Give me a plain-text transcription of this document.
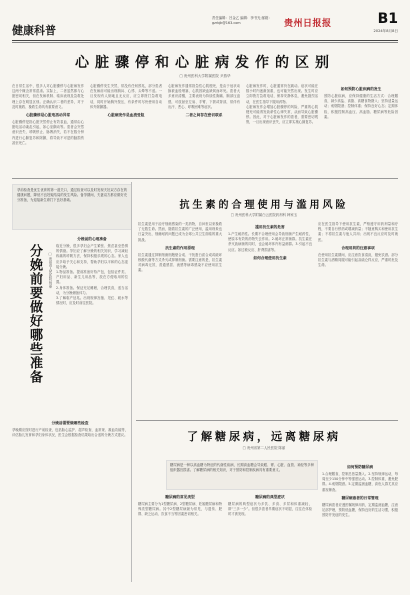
健康科普
责任编辑：吕金乙 编辑：李书光 邮箱：gzrbjk@163.com	贵州日报报	B1
2024年8月8日
心脏骤停和心脏病发作的区别
□ 贵州医科大学附属医院 尹燕华

在日常生活中，很多人对心脏骤停与心脏病发作这两个概念常常混淆。实际上，二者虽然都与心脏密切相关，但在发病机制、临床表现及急救处理上存在明显区别。正确认识二者的差异，对于及时施救、挽救生命具有重要意义。

心脏骤停是心脏电活动异常

心脏骤停是指心脏突然停止有效泵血，通常由心脏电活动紊乱引起，如心室颤动等。患者会突然意识丧失、呼吸停止、脉搏消失，若不在数分钟内进行心肺复苏和除颤，将导致不可逆的脑损伤甚至死亡。

心脏骤停发生突然，常没有任何预兆，部分患者在发病前可能出现胸闷、心悸、头晕等不适。一旦发现有人倒地且无反应，应立即拨打急救电话，同时开始胸外按压，有条件时尽快使用自动体外除颤器。

心脏病发作是血流受阻

心脏病发作通常指急性心肌梗死，是由于冠状动脉被血栓堵塞，心肌因缺血缺氧而坏死。患者大多意识清醒，主要表现为持续性胸痛、胸部压迫感，可放射至左肩、手臂、下颌或背部，常伴有出汗、恶心、呼吸困难等症状。

二者之间存在密切联系

心脏病发作时，心脏通常仍在跳动。症状可能在数小时内逐渐加重，也可能突然出现。发生时应立即拨打急救电话，保持安静休息，避免剧烈活动，在医生指导下服用药物。

心脏病发作会增加心脏骤停的风险，严重的心肌梗死可能诱发致命性心律失常，从而导致心脏骤停。因此，对于心脏病发作的患者，需要密切观察，一旦出现意识丧失，应立即实施心肺复苏。

如何预防心脏疾病的发生

预防心脏疾病，应保持健康的生活方式：合理膳食，减少高盐、高脂、高糖食物摄入；坚持适量运动；戒烟限酒；控制体重；保持良好心态；定期体检，积极控制高血压、高血脂、糖尿病等危险因素。

孕前检查是优生优育的第一道关口，通过检查可以及时发现夫妇双方存在的健康问题，降低不良妊娠结局的发生风险。备孕期间，夫妻双方都应做好充分准备，为迎接新生命打下良好基础。

分娩前要做好哪些准备	□ 贵州省人民医院 杨丽

分娩前的心理准备

临近分娩，很多孕妇会产生紧张、焦虑甚至恐惧的情绪。孕妇应了解分娩的相关知识，学习减轻疼痛的呼吸方法，保持积极乐观的心态。家人也应多给予关心和支持，帮助孕妇以平和的心态迎接分娩。

1.物品准备。提前准备好待产包，包括证件类、产妇用品、新生儿用品等，放在方便取用的位置。

2.身体准备。保证充足睡眠，合理饮食，适当活动，为分娩储备体力。

3.了解临产征兆。出现规律宫缩、见红、破水等情况时，应及时前往医院。

分娩前需要做哪些检查

孕晚期应按时进行产前检查，包括胎心监护、超声检查、血常规、凝血功能等，评估胎儿发育和孕妇身体状况，医生会根据检查结果给出合适的分娩方式建议。

抗生素的合理使用与滥用风险
□ 贵州医科大学附属白云医院药剂科 韩家玉

抗生素是用于治疗细菌感染的一类药物，自问世以来挽救了无数生命。然而，随着抗生素的广泛使用，滥用现象也日益突出，细菌耐药问题已成为全球公共卫生面临的重大挑战。

抗生素的作用原理

抗生素通过抑制细菌细胞壁合成、干扰蛋白质合成或破坏核酸代谢等方式杀灭或抑制细菌。需要注意的是，抗生素对病毒无效，普通感冒、流感等病毒感染不应使用抗生素。

滥用抗生素的危害

1.产生耐药性。长期不合理使用会导致细菌产生耐药性，使原本有效的药物失去作用。2.破坏正常菌群。抗生素在杀灭致病菌的同时，也会破坏体内有益菌群。3.引起不良反应。如过敏反应、肝肾损害等。

如何合理使用抗生素

应在医生指导下使用抗生素，严格遵守用药剂量和疗程，不要自行停药或增减药量；不随意购买和使用抗生素；不将抗生素与他人共用；出现不良反应时及时就医。

合理用药的注意事项

在使用抗生素期间，应注意饮食清淡，避免饮酒。部分抗生素与酒精同服可能引起双硫仑样反应，严重时危及生命。

了解糖尿病，远离糖尿病
□ 贵州省第二人民医院 陈丽

糖尿病是一种以高血糖为特征的代谢性疾病，长期高血糖会导致眼、肾、心脏、血管、神经等多种组织器官损害。了解糖尿病的相关知识，对于预防和控制疾病具有重要意义。

糖尿病的常见类型

糖尿病主要分为1型糖尿病、2型糖尿病、妊娠糖尿病和特殊类型糖尿病。其中2型糖尿病最为常见，与遗传、肥胖、缺乏运动、饮食不当等因素密切相关。

糖尿病的典型症状

糖尿病的典型症状为多饮、多食、多尿和体重减轻，即“三多一少”。但很多患者早期症状不明显，往往在体检时才被发现。

如何预防糖尿病

1.合理膳食，控制总热量摄入。2.坚持规律运动，每周至少150分钟中等强度运动。3.控制体重，避免肥胖。4.戒烟限酒。5.定期监测血糖，高危人群尤其应重视筛查。

糖尿病患者的日常管理

糖尿病患者应遵医嘱规律用药，定期监测血糖，注意足部护理，预防低血糖，保持良好的生活习惯，积极预防并发症的发生。
